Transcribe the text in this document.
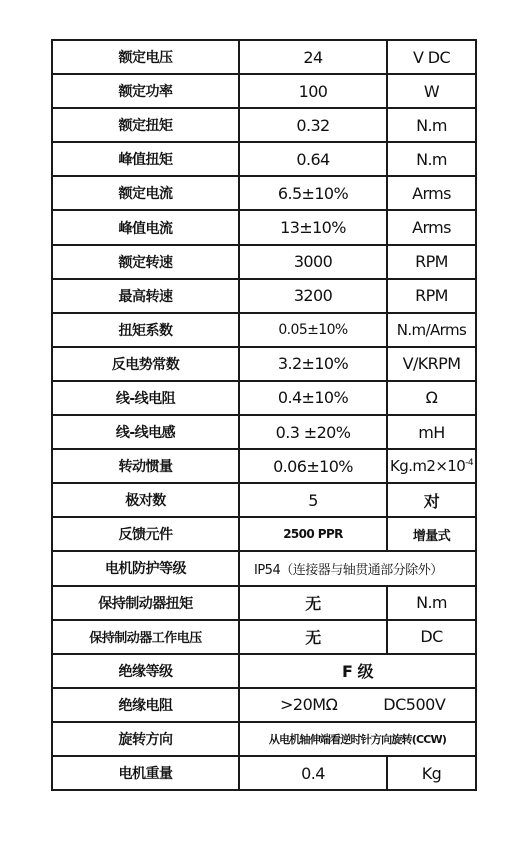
额定电压	24	V DC
额定功率	100	W
额定扭矩	0.32	N.m
峰值扭矩	0.64	N.m
额定电流	6.5±10%	Arms
峰值电流	13±10%	Arms
额定转速	3000	RPM
最高转速	3200	RPM
扭矩系数	0.05±10%	N.m/Arms
反电势常数	3.2±10%	V/KRPM
线-线电阻	0.4±10%	Ω
线-线电感	0.3 ±20%	mH
转动惯量	0.06±10%	$Kg.m2\times 10^{-4}$
极对数	5	对
反馈元件	2500 PPR	增量式
电机防护等级	IP54（连接器与轴贯通部分除外）	
保持制动器扭矩	无	N.m
保持制动器工作电压	无	DC
绝缘等级	F 级	
绝缘电阻	>20MΩ DC500V	
旋转方向	从电机轴伸端看逆时针方向旋转(CCW)	
电机重量	0.4	Kg
